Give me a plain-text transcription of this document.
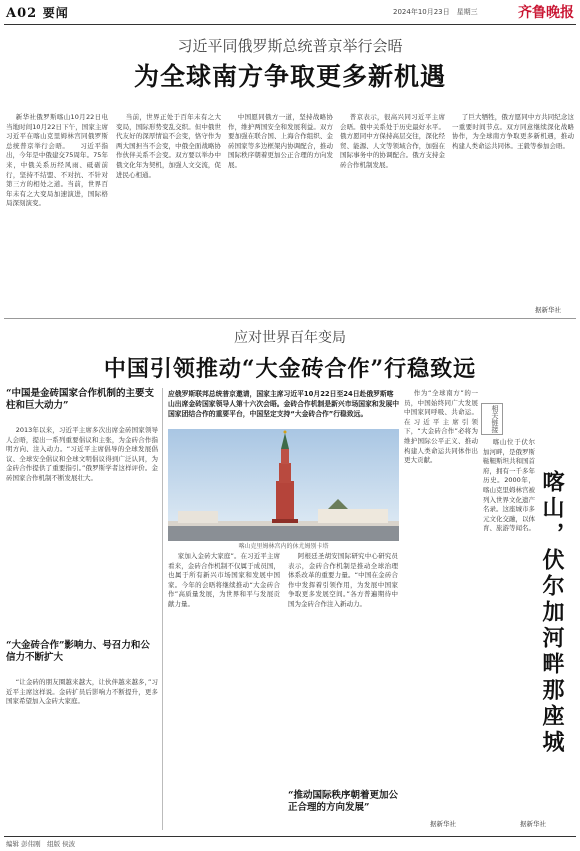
A02 要闻	2024年10月23日　星期三	齐鲁晚报
习近平同俄罗斯总统普京举行会晤
为全球南方争取更多新机遇

新华社俄罗斯喀山10月22日电　当地时间10月22日下午，国家主席习近平在喀山克里姆林宫同俄罗斯总统普京举行会晤。　　习近平指出，今年是中俄建交75周年。75年来，中俄关系历经风雨、砥砺前行，坚持不结盟、不对抗、不针对第三方的相处之道。当前，世界百年未有之大变局加速演进，国际格局深刻演变。

当前，世界正处于百年未有之大变局，国际形势变乱交织。但中俄世代友好的深厚情谊不会变，恪守作为两大国担当不会变，中俄全面战略协作伙伴关系不会变。双方要以举办中俄文化年为契机，加强人文交流，促进民心相通。

中国愿同俄方一道，坚持战略协作，维护两国安全和发展利益。双方要加强在联合国、上海合作组织、金砖国家等多边框架内协调配合，推动国际秩序朝着更加公正合理的方向发展。

普京表示，很高兴同习近平主席会晤。俄中关系处于历史最好水平。俄方愿同中方保持高层交往，深化经贸、能源、人文等领域合作，加强在国际事务中的协调配合。俄方支持金砖合作机制发展。

了巨大牺牲，俄方愿同中方共同纪念这一重要时间节点。双方同意继续深化战略协作，为全球南方争取更多新机遇，推动构建人类命运共同体。王毅等参加会晤。

据新华社
应对世界百年变局
中国引领推动“大金砖合作”行稳致远
“中国是金砖国家合作机制的主要支柱和巨大动力”

2013年以来，习近平主席多次出席金砖国家领导人会晤，提出一系列重要倡议和主张，为金砖合作指明方向、注入动力。“习近平主席倡导的全球发展倡议、全球安全倡议和全球文明倡议得到广泛认同，为金砖合作提供了重要指引。”俄罗斯学者这样评价。金砖国家合作机制不断发展壮大。

“大金砖合作”影响力、号召力和公信力不断扩大

“让金砖的朋友圈越来越大，让伙伴越来越多，”习近平主席这样说。金砖扩员后影响力不断提升，更多国家希望加入金砖大家庭。

应俄罗斯联邦总统普京邀请，国家主席习近平10月22日至24日赴俄罗斯喀山出席金砖国家领导人第十六次会晤。金砖合作机制是新兴市场国家和发展中国家团结合作的重要平台，中国坚定支持“大金砖合作”行稳致远。
喀山克里姆林宫内的休尤姆别卡塔

家加入金砖大家庭”。在习近平主席看来，金砖合作机制不仅属于成员国，也属于所有新兴市场国家和发展中国家。今年的会晤将继续推动“大金砖合作”高质量发展，为世界和平与发展贡献力量。

阿根廷圣胡安国际研究中心研究员表示，金砖合作机制是推动全球治理体系改革的重要力量。“中国在金砖合作中发挥着引领作用，为发展中国家争取更多发展空间。”各方普遍期待中国为金砖合作注入新动力。

“推动国际秩序朝着更加公正合理的方向发展”

作为“全球南方”的一员，中国始终同广大发展中国家同呼吸、共命运。在习近平主席引领下，“大金砖合作”必将为维护国际公平正义、推动构建人类命运共同体作出更大贡献。

据新华社
相关链接
喀山，伏尔加河畔那座城

喀山位于伏尔加河畔，是俄罗斯鞑靼斯坦共和国首府，拥有一千多年历史。2000年，喀山克里姆林宫被列入世界文化遗产名录。这座城市多元文化交融，以体育、旅游等闻名。

据新华社
编辑 彭伟刚　组版 侯波
